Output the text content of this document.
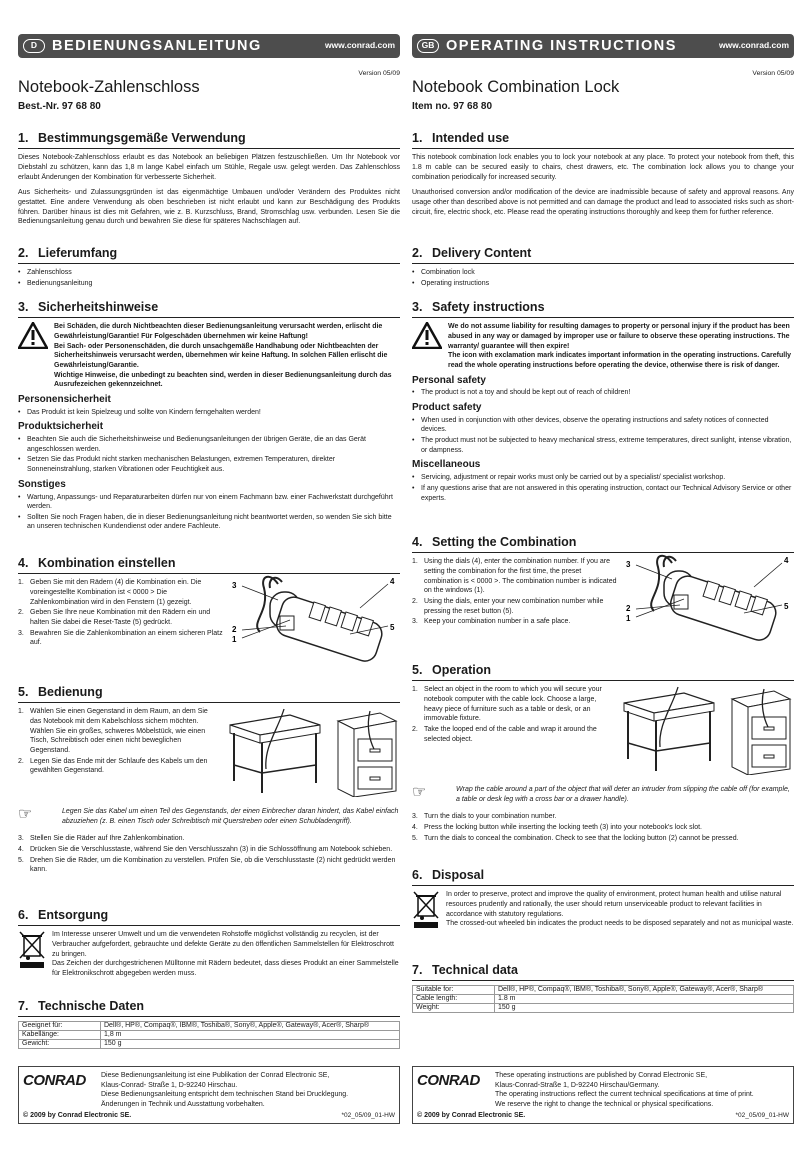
D	BEDIENUNGSANLEITUNG	www.conrad.com
Version 05/09
Notebook-Zahlenschloss
Best.-Nr. 97 68 80
1. Bestimmungsgemäße Verwendung

Dieses Notebook-Zahlenschloss erlaubt es das Notebook an beliebigen Plätzen festzuschließen. Um Ihr Notebook vor Diebstahl zu schützen, kann das 1,8 m lange Kabel einfach um Stühle, Regale usw. gelegt werden. Das Zahlenschloss erlaubt Änderungen der Kombination für verbesserte Sicherheit.

Aus Sicherheits- und Zulassungsgründen ist das eigenmächtige Umbauen und/oder Verändern des Produktes nicht gestattet. Eine andere Verwendung als oben beschrieben ist nicht erlaubt und kann zur Beschädigung des Produkts führen. Darüber hinaus ist dies mit Gefahren, wie z. B. Kurzschluss, Brand, Stromschlag usw. verbunden. Lesen Sie die Bedienungsanleitung genau durch und bewahren Sie diese für späteres Nachschlagen auf.

2. Lieferumfang
• Zahlenschloss
• Bedienungsanleitung
3. Sicherheitshinweise
Bei Schäden, die durch Nichtbeachten dieser Bedienungsanleitung verursacht werden, erlischt die Gewährleistung/Garantie! Für Folgeschäden übernehmen wir keine Haftung!
Bei Sach- oder Personenschäden, die durch unsachgemäße Handhabung oder Nichtbeachten der Sicherheitshinweis verursacht werden, übernehmen wir keine Haftung. In solchen Fällen erlischt die Gewährleistung/Garantie.
Wichtige Hinweise, die unbedingt zu beachten sind, werden in dieser Bedienungsanleitung durch das Ausrufezeichen gekennzeichnet.
Personensicherheit
• Das Produkt ist kein Spielzeug und sollte von Kindern ferngehalten werden!
Produktsicherheit
• Beachten Sie auch die Sicherheitshinweise und Bedienungsanleitungen der übrigen Geräte, die an das Gerät angeschlossen werden.
• Setzen Sie das Produkt nicht starken mechanischen Belastungen, extremen Temperaturen, direkter Sonneneinstrahlung, starken Vibrationen oder Feuchtigkeit aus.
Sonstiges
• Wartung, Anpassungs- und Reparaturarbeiten dürfen nur von einem Fachmann bzw. einer Fachwerkstatt durchgeführt werden.
• Sollten Sie noch Fragen haben, die in dieser Bedienungsanleitung nicht beantwortet werden, so wenden Sie sich bitte an unseren technischen Kundendienst oder andere Fachleute.
4. Kombination einstellen
1. Geben Sie mit den Rädern (4) die Kombination ein. Die voreingestellte Kombination ist < 0000 > Die Zahlenkombination wird in den Fenstern (1) gezeigt.
2. Geben Sie Ihre neue Kombination mit den Rädern ein und halten Sie dabei die Reset-Taste (5) gedrückt.
3. Bewahren Sie die Zahlenkombination an einem sicheren Platz auf.
3	4
2	5
1
5. Bedienung
1. Wählen Sie einen Gegenstand in dem Raum, an dem Sie das Notebook mit dem Kabelschloss sichern möchten. Wählen Sie ein großes, schweres Möbelstück, wie einen Tisch, Schreibtisch oder einen nicht beweglichen Gegenstand.
2. Legen Sie das Ende mit der Schlaufe des Kabels um den gewählten Gegenstand.
☞	Legen Sie das Kabel um einen Teil des Gegenstands, der einen Einbrecher daran hindert, das Kabel einfach abzuziehen (z. B. einen Tisch oder Schreibtisch mit Querstreben oder einen Schubladengriff).
3. Stellen Sie die Räder auf Ihre Zahlenkombination.
4. Drücken Sie die Verschlusstaste, während Sie den Verschlusszahn (3) in die Schlossöffnung am Notebook schieben.
5. Drehen Sie die Räder, um die Kombination zu verstellen. Prüfen Sie, ob die Verschlusstaste (2) nicht gedrückt werden kann.
6. Entsorgung
Im Interesse unserer Umwelt und um die verwendeten Rohstoffe möglichst vollständig zu recyclen, ist der Verbraucher aufgefordert, gebrauchte und defekte Geräte zu den öffentlichen Sammelstellen für Elektroschrott zu bringen.
Das Zeichen der durchgestrichenen Mülltonne mit Rädern bedeutet, dass dieses Produkt an einer Sammelstelle für Elektronikschrott abgegeben werden muss.
7. Technische Daten
Geeignet für:	Dell®, HP®, Compaq®, IBM®, Toshiba®, Sony®, Apple®, Gateway®, Acer®, Sharp®
Kabellänge:	1,8 m
Gewicht:	150 g
CONRAD	Diese Bedienungsanleitung ist eine Publikation der Conrad Electronic SE,
Klaus-Conrad- Straße 1, D-92240 Hirschau.
Diese Bedienungsanleitung entspricht dem technischen Stand bei Drucklegung.
Änderungen in Technik und Ausstattung vorbehalten.
© 2009 by Conrad Electronic SE.	*02_05/09_01-HW
GB OPERATING INSTRUCTIONS	www.conrad.com
Version 05/09
Notebook Combination Lock
Item no. 97 68 80
1. Intended use

This notebook combination lock enables you to lock your notebook at any place. To protect your notebook from theft, this 1.8 m cable can be secured easily to chairs, chest drawers, etc. The combination lock allows you to change your combination periodically for increased security.

Unauthorised conversion and/or modification of the device are inadmissible because of safety and approval reasons. Any usage other than described above is not permitted and can damage the product and lead to associated risks such as short-circuit, fire, electric shock, etc. Please read the operating instructions thoroughly and keep them for further reference.

2. Delivery Content
• Combination lock
• Operating instructions
3. Safety instructions
We do not assume liability for resulting damages to property or personal injury if the product has been abused in any way or damaged by improper use or failure to observe these operating instructions. The warranty/ guarantee will then expire!
The icon with exclamation mark indicates important information in the operating instructions. Carefully read the whole operating instructions before operating the device, otherwise there is risk of danger.
Personal safety
• The product is not a toy and should be kept out of reach of children!
Product safety
• When used in conjunction with other devices, observe the operating instructions and safety notices of connected devices.
• The product must not be subjected to heavy mechanical stress, extreme temperatures, direct sunlight, intense vibration, or dampness.
Miscellaneous
• Servicing, adjustment or repair works must only be carried out by a specialist/ specialist workshop.
• If any questions arise that are not answered in this operating instruction, contact our Technical Advisory Service or other experts.
4. Setting the Combination
1. Using the dials (4), enter the combination number. If you are setting the combination for the first time, the preset combination is < 0000 >. The combination number is indicated on the windows (1).
2. Using the dials, enter your new combination number while pressing the reset button (5).
3. Keep your combination number in a safe place.
3	4
2	5
1
5. Operation
1. Select an object in the room to which you will secure your notebook computer with the cable lock. Choose a large, heavy piece of furniture such as a table or desk, or an immovable fixture.
2. Take the looped end of the cable and wrap it around the selected object.
☞	Wrap the cable around a part of the object that will deter an intruder from slipping the cable off (for example, a table or desk leg with a cross bar or a drawer handle).
3. Turn the dials to your combination number.
4. Press the locking button while inserting the locking teeth (3) into your notebook's lock slot.
5. Turn the dials to conceal the combination. Check to see that the locking button (2) cannot be pressed.
6. Disposal
In order to preserve, protect and improve the quality of environment, protect human health and utilise natural resources prudently and rationally, the user should return unserviceable product to relevant facilities in accordance with statutory regulations.
The crossed-out wheeled bin indicates the product needs to be disposed separately and not as municipal waste.
7. Technical data
Suitable for:	Dell®, HP®, Compaq®, IBM®, Toshiba®, Sony®, Apple®, Gateway®, Acer®, Sharp®
Cable length:	1.8 m
Weight:	150 g
CONRAD	These operating instructions are published by Conrad Electronic SE,
Klaus-Conrad-Straße 1, D-92240 Hirschau/Germany.
The operating instructions reflect the current technical specifications at time of print.
We reserve the right to change the technical or physical specifications.
© 2009 by Conrad Electronic SE.	*02_05/09_01-HW
